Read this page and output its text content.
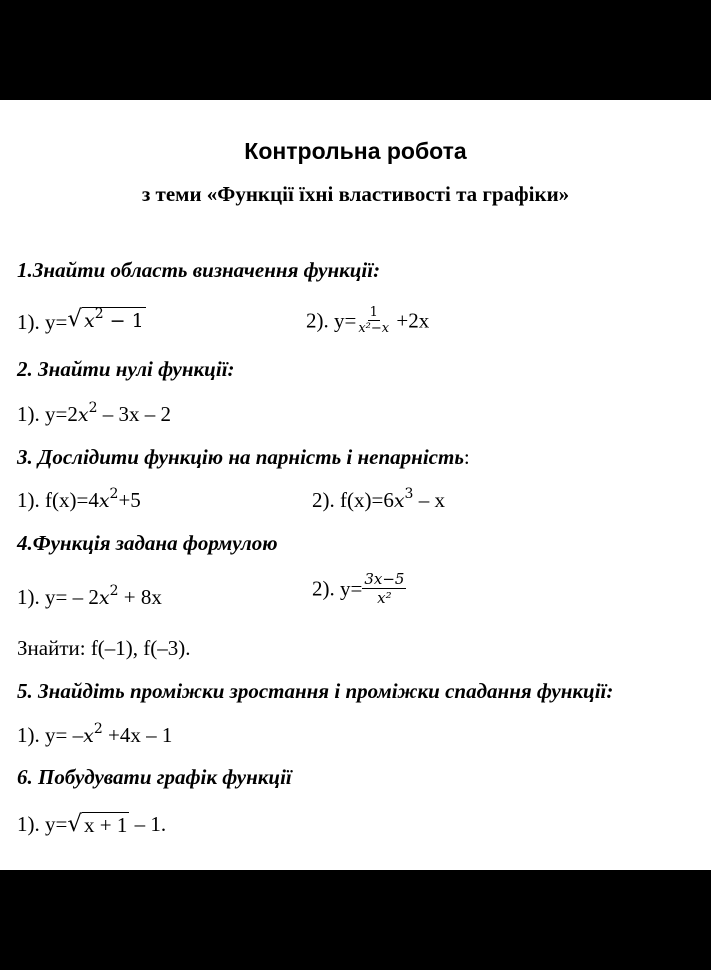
Контрольна робота
з теми «Функції їхні властивості та графіки»
1.Знайти область визначення функції:
1). y= √ $x^2 - 1$	2). $y= \frac{1}{\text{x²−x}} +2x$
2. Знайти нулі функції:
1). $y=2x^2 - 3x - 2$
3. Дослідити функцію на парність і непарність:
1). $f(x)=4x^2+5$	2). $f(x)=6x^3 - x$
4.Функція задана формулою
1). $y= - 2x^2 + 8x$	2). $y= \frac{3x-5}{\text{x²}}$
Знайти: f(–1), f(–3).
5. Знайдіть проміжки зростання і проміжки спадання функції:
1). $y= -x^2 +4x - 1$
6. Побудувати графік функції
1). y= √ x + 1 – 1.
